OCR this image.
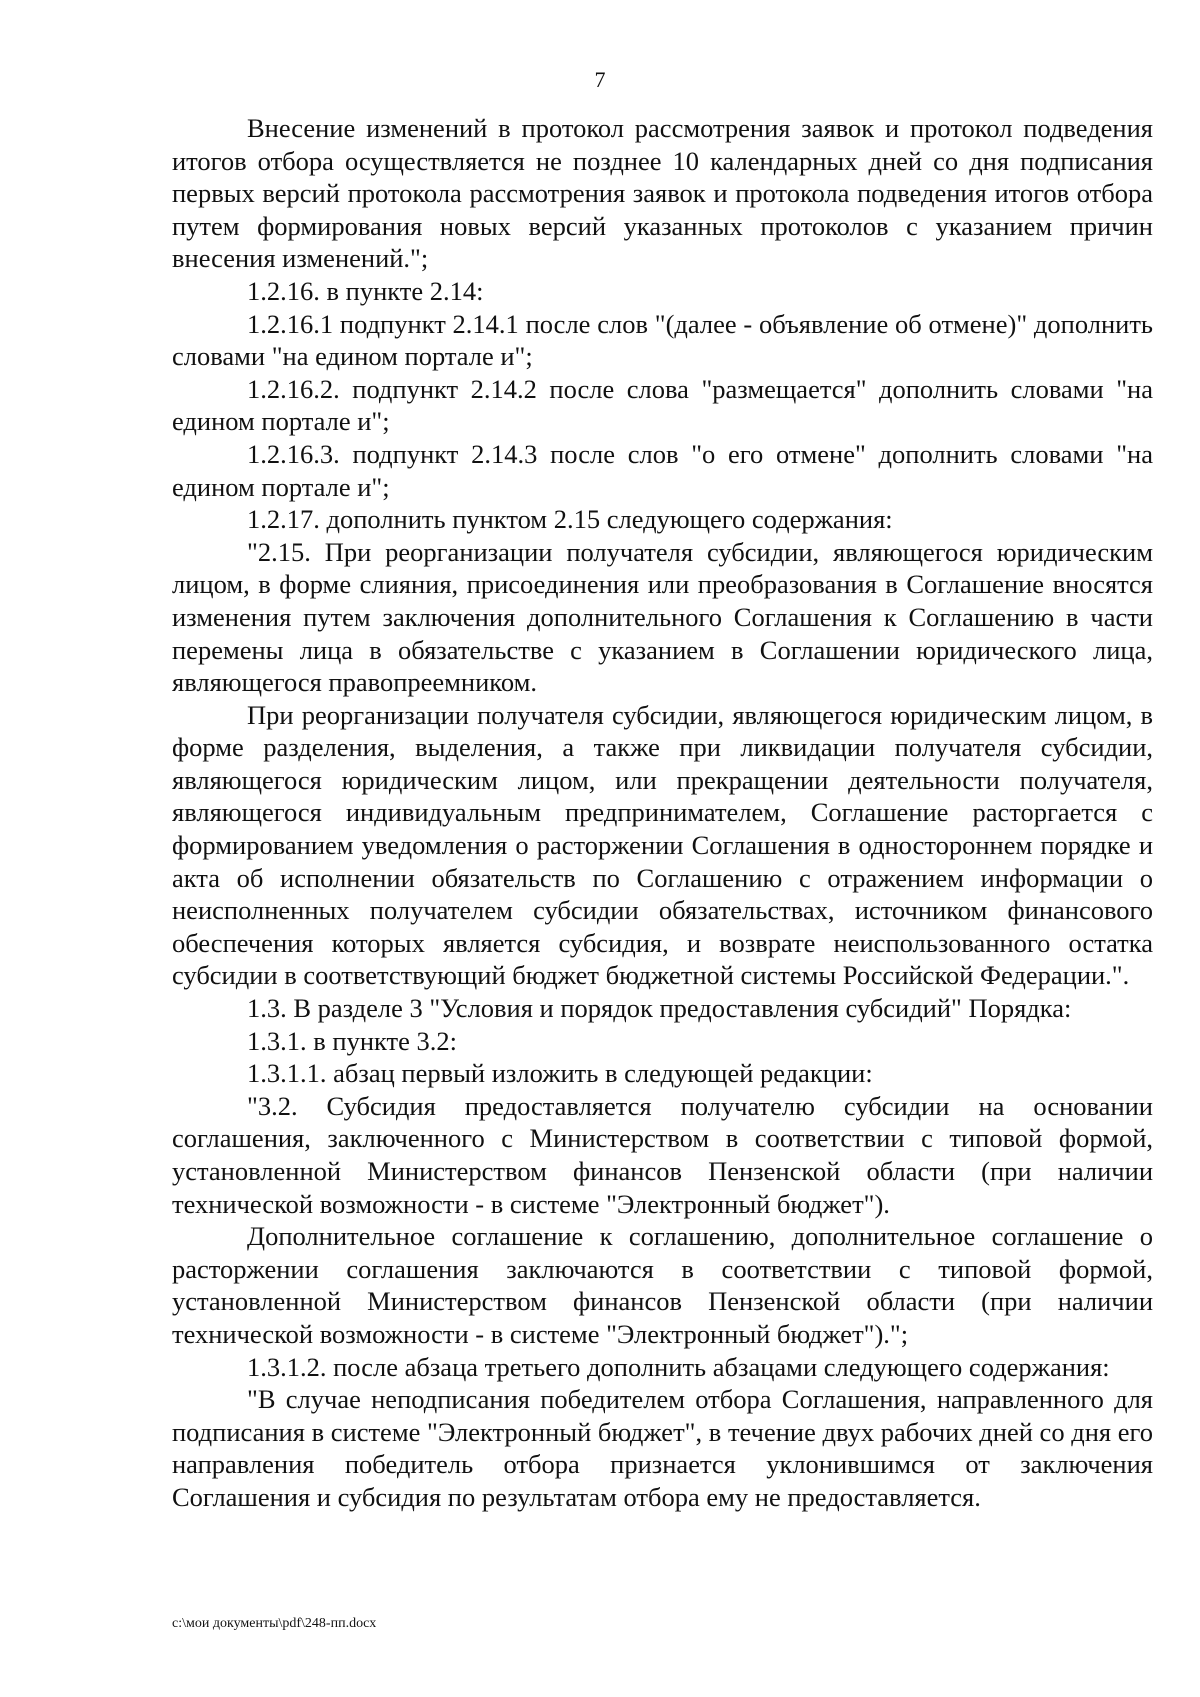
7

Внесение изменений в протокол рассмотрения заявок и протокол подведения итогов отбора осуществляется не позднее 10 календарных дней со дня подписания первых версий протокола рассмотрения заявок и протокола подведения итогов отбора путем формирования новых версий указанных протоколов с указанием причин внесения изменений.";

1.2.16. в пункте 2.14:

1.2.16.1 подпункт 2.14.1 после слов "(далее - объявление об отмене)" дополнить словами "на едином портале и";

1.2.16.2. подпункт 2.14.2 после слова "размещается" дополнить словами "на едином портале и";

1.2.16.3. подпункт 2.14.3 после слов "о его отмене" дополнить словами "на едином портале и";

1.2.17. дополнить пунктом 2.15 следующего содержания:

"2.15. При реорганизации получателя субсидии, являющегося юридическим лицом, в форме слияния, присоединения или преобразования в Соглашение вносятся изменения путем заключения дополнительного Соглашения к Соглашению в части перемены лица в обязательстве с указанием в Соглашении юридического лица, являющегося правопреемником.

При реорганизации получателя субсидии, являющегося юридическим лицом, в форме разделения, выделения, а также при ликвидации получателя субсидии, являющегося юридическим лицом, или прекращении деятельности получателя, являющегося индивидуальным предпринимателем, Соглашение расторгается с формированием уведомления о расторжении Соглашения в одностороннем порядке и акта об исполнении обязательств по Соглашению с отражением информации о неисполненных получателем субсидии обязательствах, источником финансового обеспечения которых является субсидия, и возврате неиспользованного остатка субсидии в соответствующий бюджет бюджетной системы Российской Федерации.".

1.3. В разделе 3 "Условия и порядок предоставления субсидий" Порядка:

1.3.1. в пункте 3.2:

1.3.1.1. абзац первый изложить в следующей редакции:

"3.2. Субсидия предоставляется получателю субсидии на основании соглашения, заключенного с Министерством в соответствии с типовой формой, установленной Министерством финансов Пензенской области (при наличии технической возможности - в системе "Электронный бюджет").

Дополнительное соглашение к соглашению, дополнительное соглашение о расторжении соглашения заключаются в соответствии с типовой формой, установленной Министерством финансов Пензенской области (при наличии технической возможности - в системе "Электронный бюджет").";

1.3.1.2. после абзаца третьего дополнить абзацами следующего содержания:

"В случае неподписания победителем отбора Соглашения, направленного для подписания в системе "Электронный бюджет", в течение двух рабочих дней со дня его направления победитель отбора признается уклонившимся от заключения Соглашения и субсидия по результатам отбора ему не предоставляется.

c:\мои документы\pdf\248-пп.docx
